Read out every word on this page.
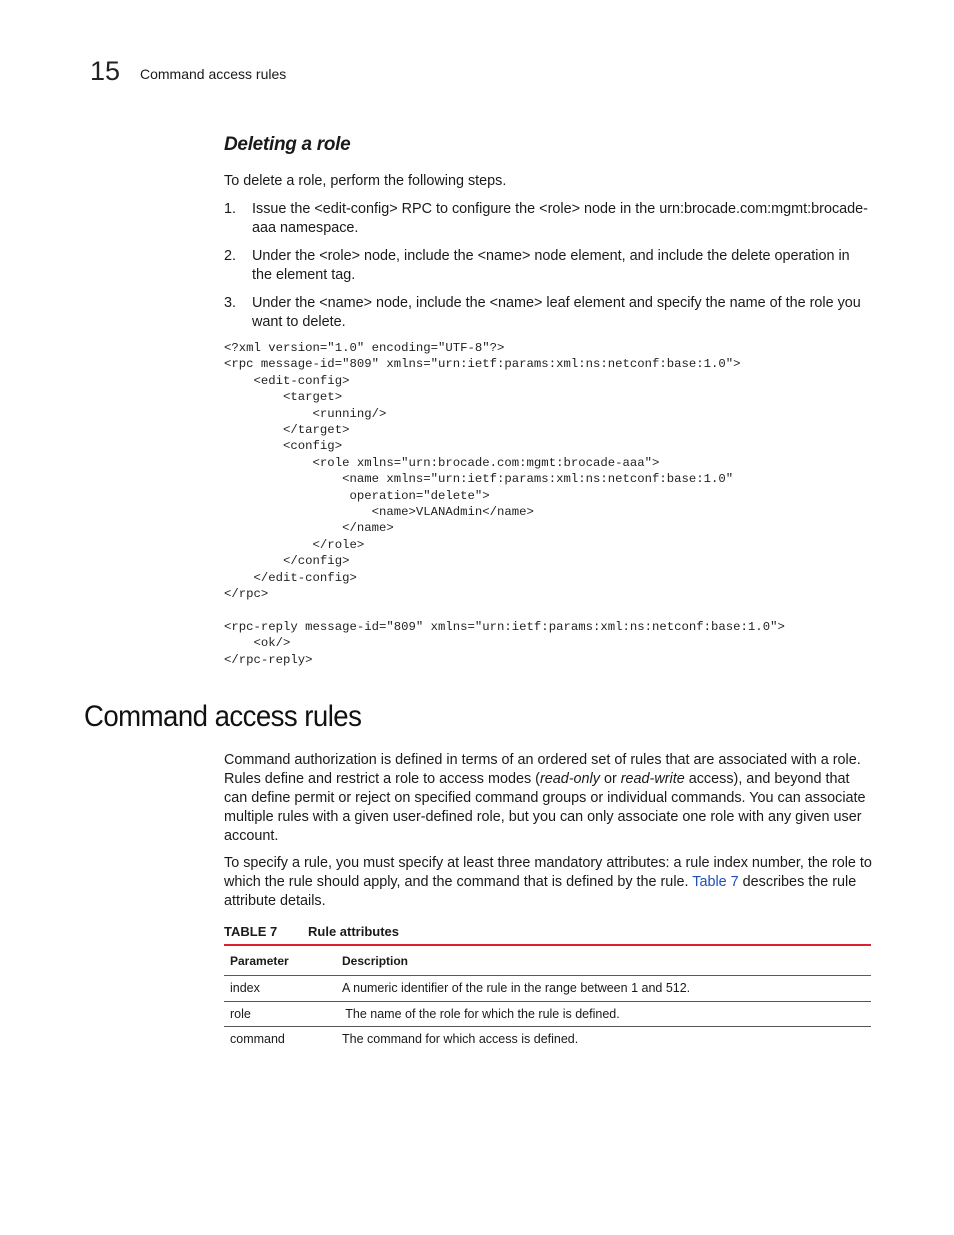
15 Command access rules
Deleting a role

To delete a role, perform the following steps.

1. Issue the <edit-config> RPC to configure the <role> node in the urn:brocade.com:mgmt:brocade-aaa namespace.
2. Under the <role> node, include the <name> node element, and include the delete operation in the element tag.
3. Under the <name> node, include the <name> leaf element and specify the name of the role you want to delete.
<?xml version="1.0" encoding="UTF-8"?>
<rpc message-id="809" xmlns="urn:ietf:params:xml:ns:netconf:base:1.0">
<edit-config>
<target>
<running/>
</target>
<config>
<role xmlns="urn:brocade.com:mgmt:brocade-aaa">
<name xmlns="urn:ietf:params:xml:ns:netconf:base:1.0"
operation="delete">
<name>VLANAdmin</name>
</name>
</role>
</config>
</edit-config>
</rpc>

<rpc-reply message-id="809" xmlns="urn:ietf:params:xml:ns:netconf:base:1.0">
<ok/>
</rpc-reply>
Command access rules

Command authorization is defined in terms of an ordered set of rules that are associated with a role. Rules define and restrict a role to access modes (read-only or read-write access), and beyond that can define permit or reject on specified command groups or individual commands. You can associate multiple rules with a given user-defined role, but you can only associate one role with any given user account.

To specify a rule, you must specify at least three mandatory attributes: a rule index number, the role to which the rule should apply, and the command that is defined by the rule. Table 7 describes the rule attribute details.

TABLE 7 Rule attributes
Parameter	Description
index	A numeric identifier of the rule in the range between 1 and 512.
role	The name of the role for which the rule is defined.
command	The command for which access is defined.
